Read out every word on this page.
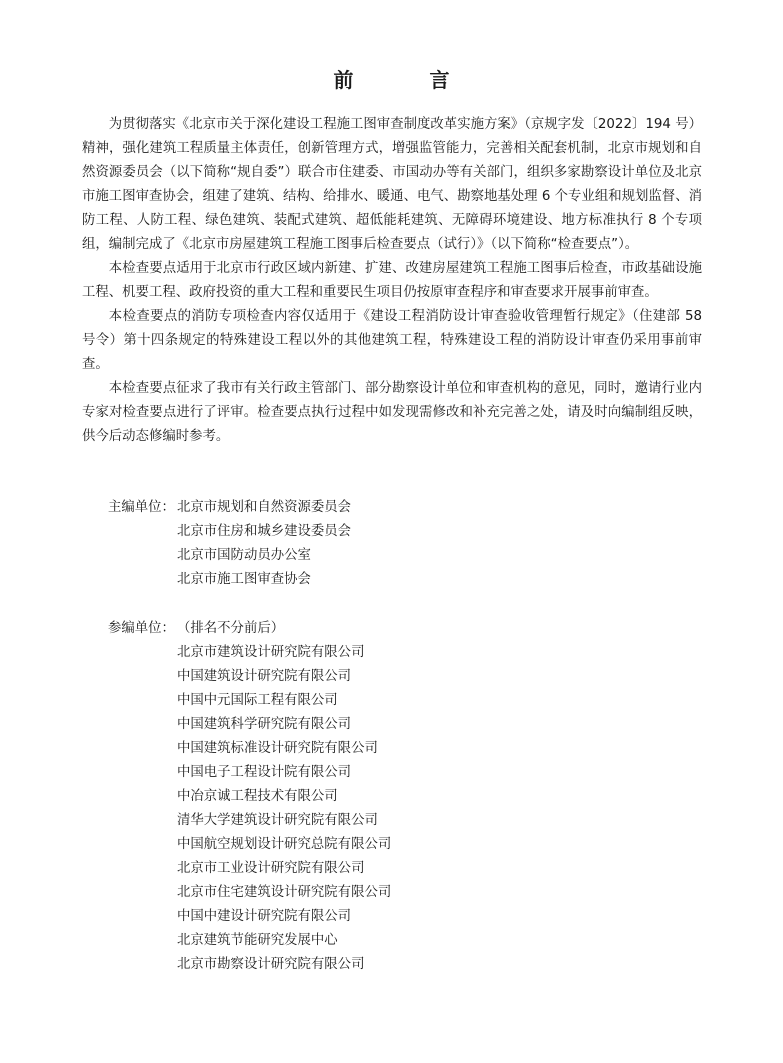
前　言

为贯彻落实《北京市关于深化建设工程施工图审查制度改革实施方案》（京规字发〔2022〕194 号）精神，强化建筑工程质量主体责任，创新管理方式，增强监管能力，完善相关配套机制，北京市规划和自然资源委员会（以下简称“规自委”）联合市住建委、市国动办等有关部门，组织多家勘察设计单位及北京市施工图审查协会，组建了建筑、结构、给排水、暖通、电气、勘察地基处理 6 个专业组和规划监督、消防工程、人防工程、绿色建筑、装配式建筑、超低能耗建筑、无障碍环境建设、地方标准执行 8 个专项组，编制完成了《北京市房屋建筑工程施工图事后检查要点（试行）》（以下简称“检查要点”）。

本检查要点适用于北京市行政区域内新建、扩建、改建房屋建筑工程施工图事后检查，市政基础设施工程、机要工程、政府投资的重大工程和重要民生项目仍按原审查程序和审查要求开展事前审查。

本检查要点的消防专项检查内容仅适用于《建设工程消防设计审查验收管理暂行规定》（住建部 58 号令）第十四条规定的特殊建设工程以外的其他建筑工程，特殊建设工程的消防设计审查仍采用事前审查。

本检查要点征求了我市有关行政主管部门、部分勘察设计单位和审查机构的意见，同时，邀请行业内专家对检查要点进行了评审。检查要点执行过程中如发现需修改和补充完善之处，请及时向编制组反映，供今后动态修编时参考。

主编单位： 北京市规划和自然资源委员会
北京市住房和城乡建设委员会
北京市国防动员办公室
北京市施工图审查协会
参编单位： （排名不分前后）
北京市建筑设计研究院有限公司
中国建筑设计研究院有限公司
中国中元国际工程有限公司
中国建筑科学研究院有限公司
中国建筑标准设计研究院有限公司
中国电子工程设计院有限公司
中冶京诚工程技术有限公司
清华大学建筑设计研究院有限公司
中国航空规划设计研究总院有限公司
北京市工业设计研究院有限公司
北京市住宅建筑设计研究院有限公司
中国中建设计研究院有限公司
北京建筑节能研究发展中心
北京市勘察设计研究院有限公司
